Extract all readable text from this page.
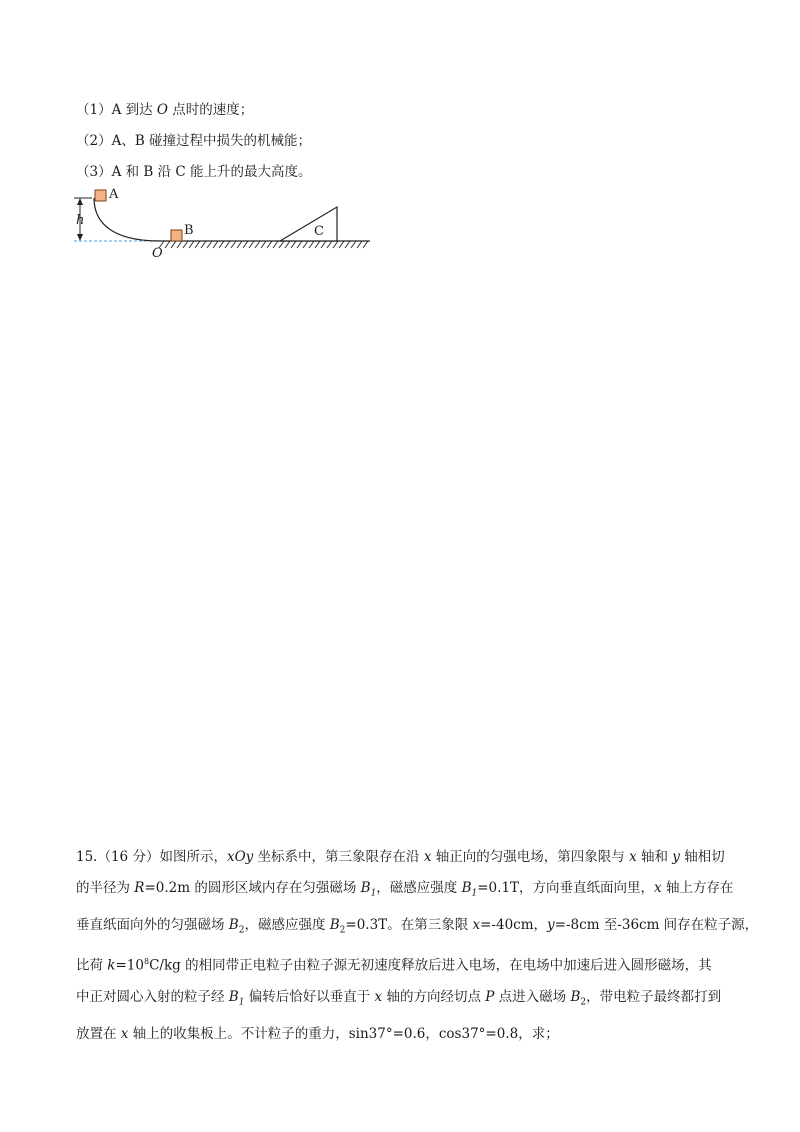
（1）A 到达 O 点时的速度；
（2）A、B 碰撞过程中损失的机械能；
（3）A 和 B 沿 C 能上升的最大高度。
h
A
B
O
C

15.（16 分）如图所示，xOy 坐标系中，第三象限存在沿 x 轴正向的匀强电场，第四象限与 x 轴和 y 轴相切

的半径为 R=0.2m 的圆形区域内存在匀强磁场 $B_1$，磁感应强度 $B_1=0.1T$，方向垂直纸面向里，x 轴上方存在

垂直纸面向外的匀强磁场 $B_2$，磁感应强度 $B_2=0.3T$。在第三象限 x=-40cm，y=-8cm 至-36cm 间存在粒子源，

比荷 $k=10^8C/kg$ 的相同带正电粒子由粒子源无初速度释放后进入电场，在电场中加速后进入圆形磁场，其

中正对圆心入射的粒子经 $B_1$ 偏转后恰好以垂直于 x 轴的方向经切点 P 点进入磁场 $B_2$，带电粒子最终都打到

放置在 x 轴上的收集板上。不计粒子的重力，sin37°=0.6，cos37°=0.8，求；
